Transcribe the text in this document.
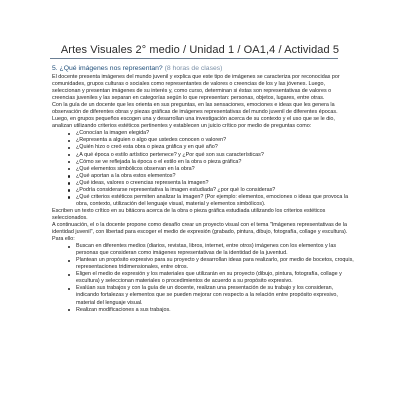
Artes Visuales 2° medio / Unidad 1 / OA1,4 / Actividad 5
5. ¿Qué imágenes nos representan? (8 horas de clases)

El docente presenta imágenes del mundo juvenil y explica que este tipo de imágenes se caracteriza por reconocidas por comunidades, grupos culturas o sociales como representantes de valores o creencias de los y las jóvenes. Luego, seleccionan y presentan imágenes de su interés y, como curso, determinan si éstas son representativas de valores o creencias juveniles y las separan en categorías según lo que representan: personas, objetos, lugares, entre otras.

Con la guía de un docente que les orienta en sus preguntas, en las sensaciones, emociones e ideas que les genera la observación de diferentes obras y piezas gráficas de imágenes representativas del mundo juvenil de diferentes épocas. Luego, en grupos pequeños escogen una y desarrollan una investigación acerca de su contexto y el uso que se le dio, analizan utilizando criterios estéticos pertinentes y establecen un juicio crítico por medio de preguntas como:

¿Conocían la imagen elegida?
¿Representa a alguien o algo que ustedes conocen o valoren?
¿Quién hizo o creó esta obra o pieza gráfica y en qué año?
¿A qué época o estilo artístico pertenece? y ¿Por qué son sus características?
¿Cómo se ve reflejada la época o el estilo en la obra o pieza gráfica?
¿Qué elementos simbólicos observan en la obra?
¿Qué aportan a la obra estos elementos?
¿Qué ideas, valores o creencias representa la imagen?
¿Podría considerarse representativa la imagen estudiada? ¿por qué lo consideras?
¿Qué criterios estéticos permiten analizar la imagen? (Por ejemplo: elementos, emociones o ideas que provoca la obra, contexto, utilización del lenguaje visual, material y elementos simbólicos).

Escriben un texto crítico en su bitácora acerca de la obra o pieza gráfica estudiada utilizando los criterios estéticos seleccionados.

A continuación, el o la docente propone como desafío crear un proyecto visual con el tema "Imágenes representativas de la identidad juvenil", con libertad para escoger el medio de expresión (grabado, pintura, dibujo, fotografía, collage y escultura). Para ello:

Buscan en diferentes medios (diarios, revistas, libros, internet, entre otros) imágenes con los elementos y las personas que consideran como imágenes representativas de la identidad de la juventud.
Plantean un propósito expresivo para su proyecto y desarrollan ideas para realizarlo, por medio de bocetos, croquis, representaciones tridimensionales, entre otros.
Eligen el medio de expresión y los materiales que utilizarán en su proyecto (dibujo, pintura, fotografía, collage y escultura) y seleccionan materiales o procedimientos de acuerdo a su propósito expresivo.
Evalúan sus trabajos y con la guía de un docente, realizan una presentación de su trabajo y los consideran, indicando fortalezas y elementos que se pueden mejorar con respecto a la relación entre propósito expresivo, material del lenguaje visual.
Realizan modificaciones a sus trabajos.
